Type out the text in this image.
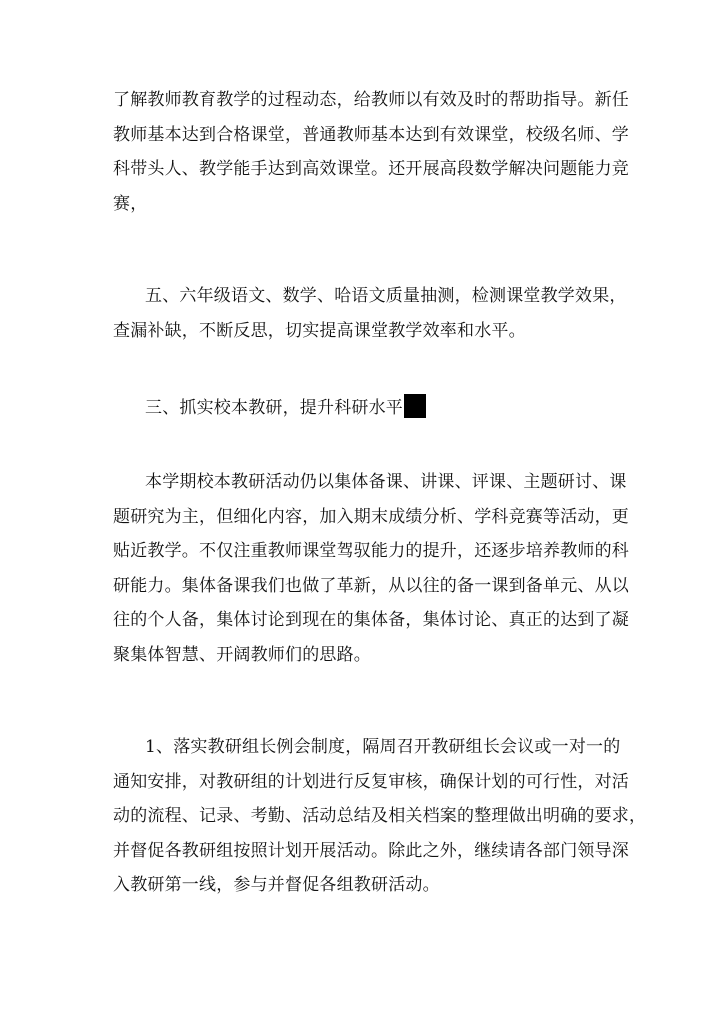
了解教师教育教学的过程动态，给教师以有效及时的帮助指导。新任
教师基本达到合格课堂，普通教师基本达到有效课堂，校级名师、学
科带头人、教学能手达到高效课堂。还开展高段数学解决问题能力竞
赛，
五、六年级语文、数学、哈语文质量抽测，检测课堂教学效果，
查漏补缺，不断反思，切实提高课堂教学效率和水平。
三、抓实校本教研，提升科研水平
本学期校本教研活动仍以集体备课、讲课、评课、主题研讨、课
题研究为主，但细化内容，加入期末成绩分析、学科竞赛等活动，更
贴近教学。不仅注重教师课堂驾驭能力的提升，还逐步培养教师的科
研能力。集体备课我们也做了革新，从以往的备一课到备单元、从以
往的个人备，集体讨论到现在的集体备，集体讨论、真正的达到了凝
聚集体智慧、开阔教师们的思路。
1、落实教研组长例会制度，隔周召开教研组长会议或一对一的
通知安排，对教研组的计划进行反复审核，确保计划的可行性，对活
动的流程、记录、考勤、活动总结及相关档案的整理做出明确的要求，
并督促各教研组按照计划开展活动。除此之外，继续请各部门领导深
入教研第一线，参与并督促各组教研活动。
